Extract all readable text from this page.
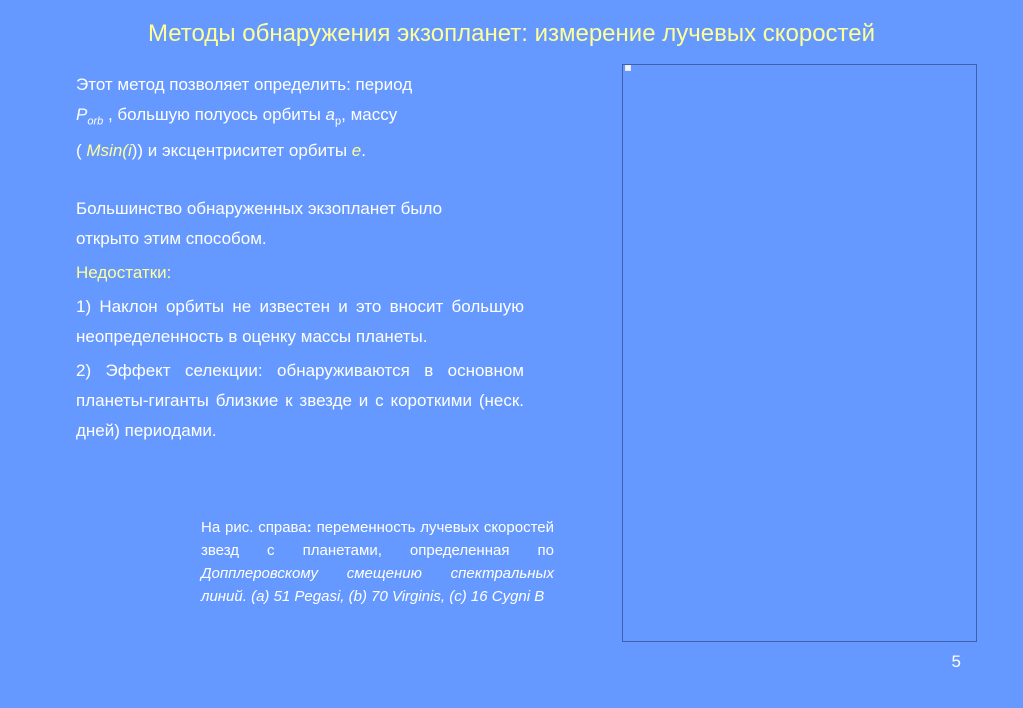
Методы обнаружения экзопланет: измерение лучевых скоростей

Этот метод позволяет определить: период
$P_{orb}$ , большую полуось орбиты $a_p$, массу
( Msin(i)) и эксцентриситет орбиты e.

Большинство обнаруженных экзопланет было открыто этим способом.

Недостатки:

1) Наклон орбиты не известен и это вносит большую неопределенность в оценку массы планеты.

2) Эффект селекции: обнаруживаются в основном планеты-гиганты близкие к звезде и с короткими (неск. дней) периодами.

На рис. справа: переменность лучевых скоростей звезд с планетами, определенная по Допплеровскому смещению спектральных линий. (a) 51 Pegasi, (b) 70 Virginis, (c) 16 Cygni B
5
